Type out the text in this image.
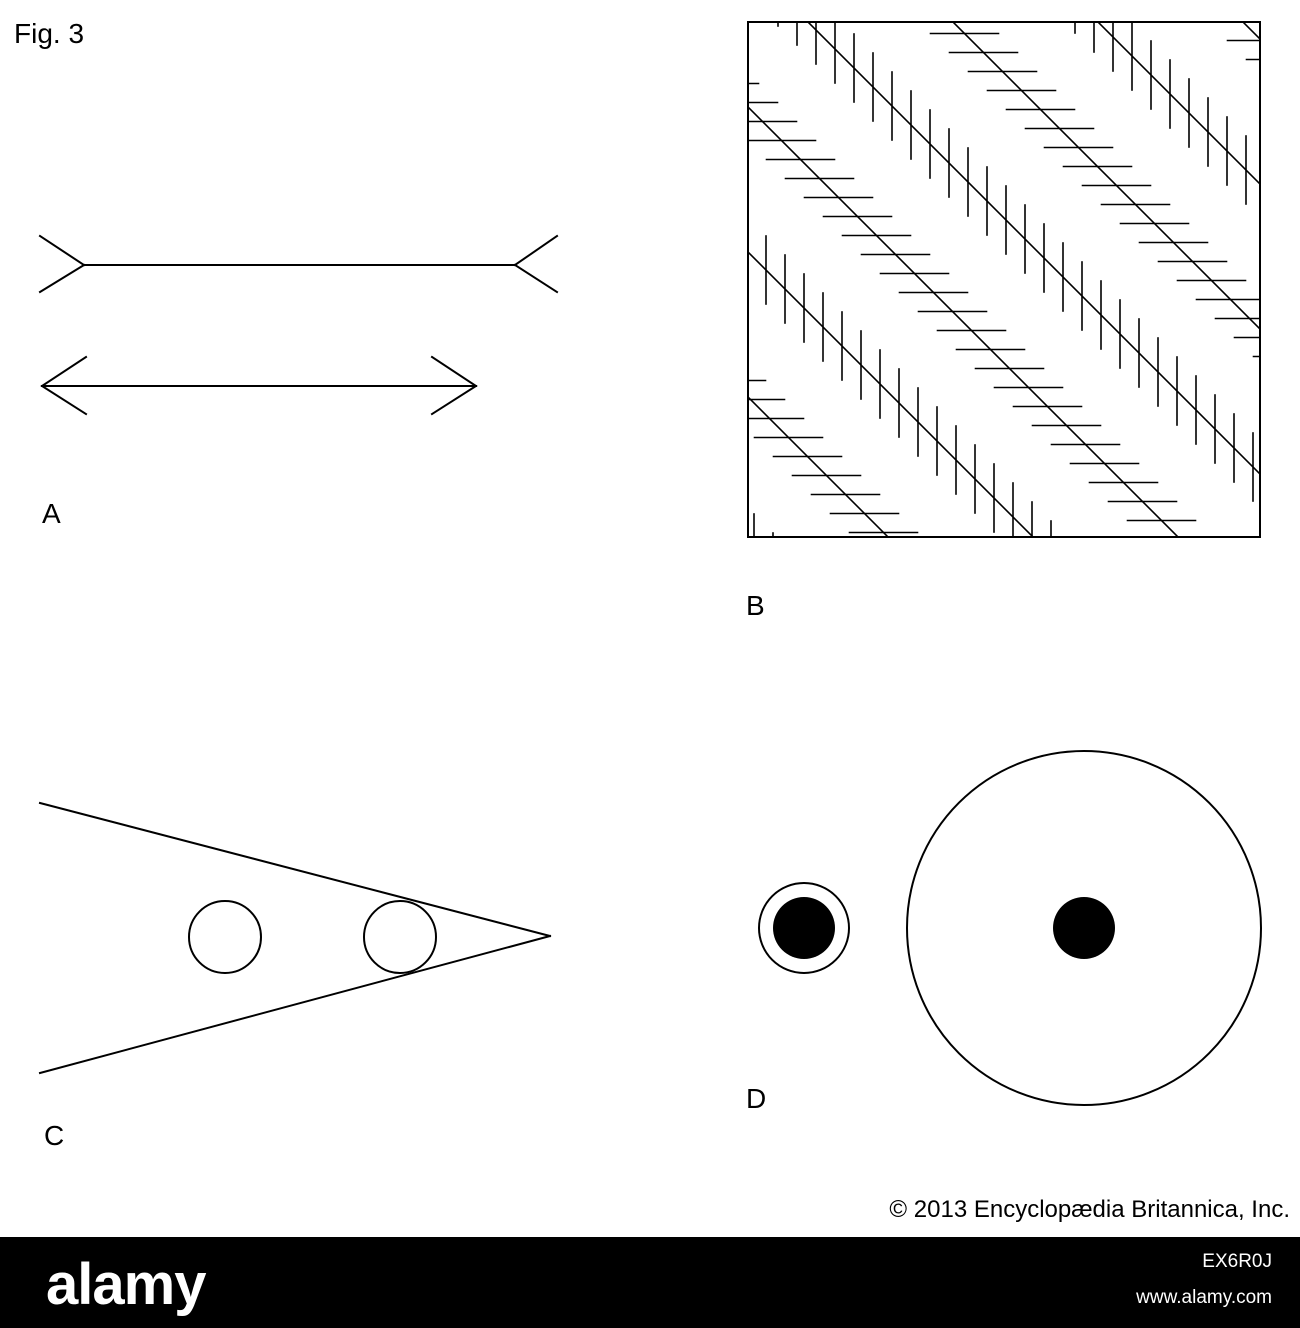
Fig. 3
A
B
C
D
© 2013 Encyclopædia Britannica, Inc.
alamy	EX6R0J
www.alamy.com
